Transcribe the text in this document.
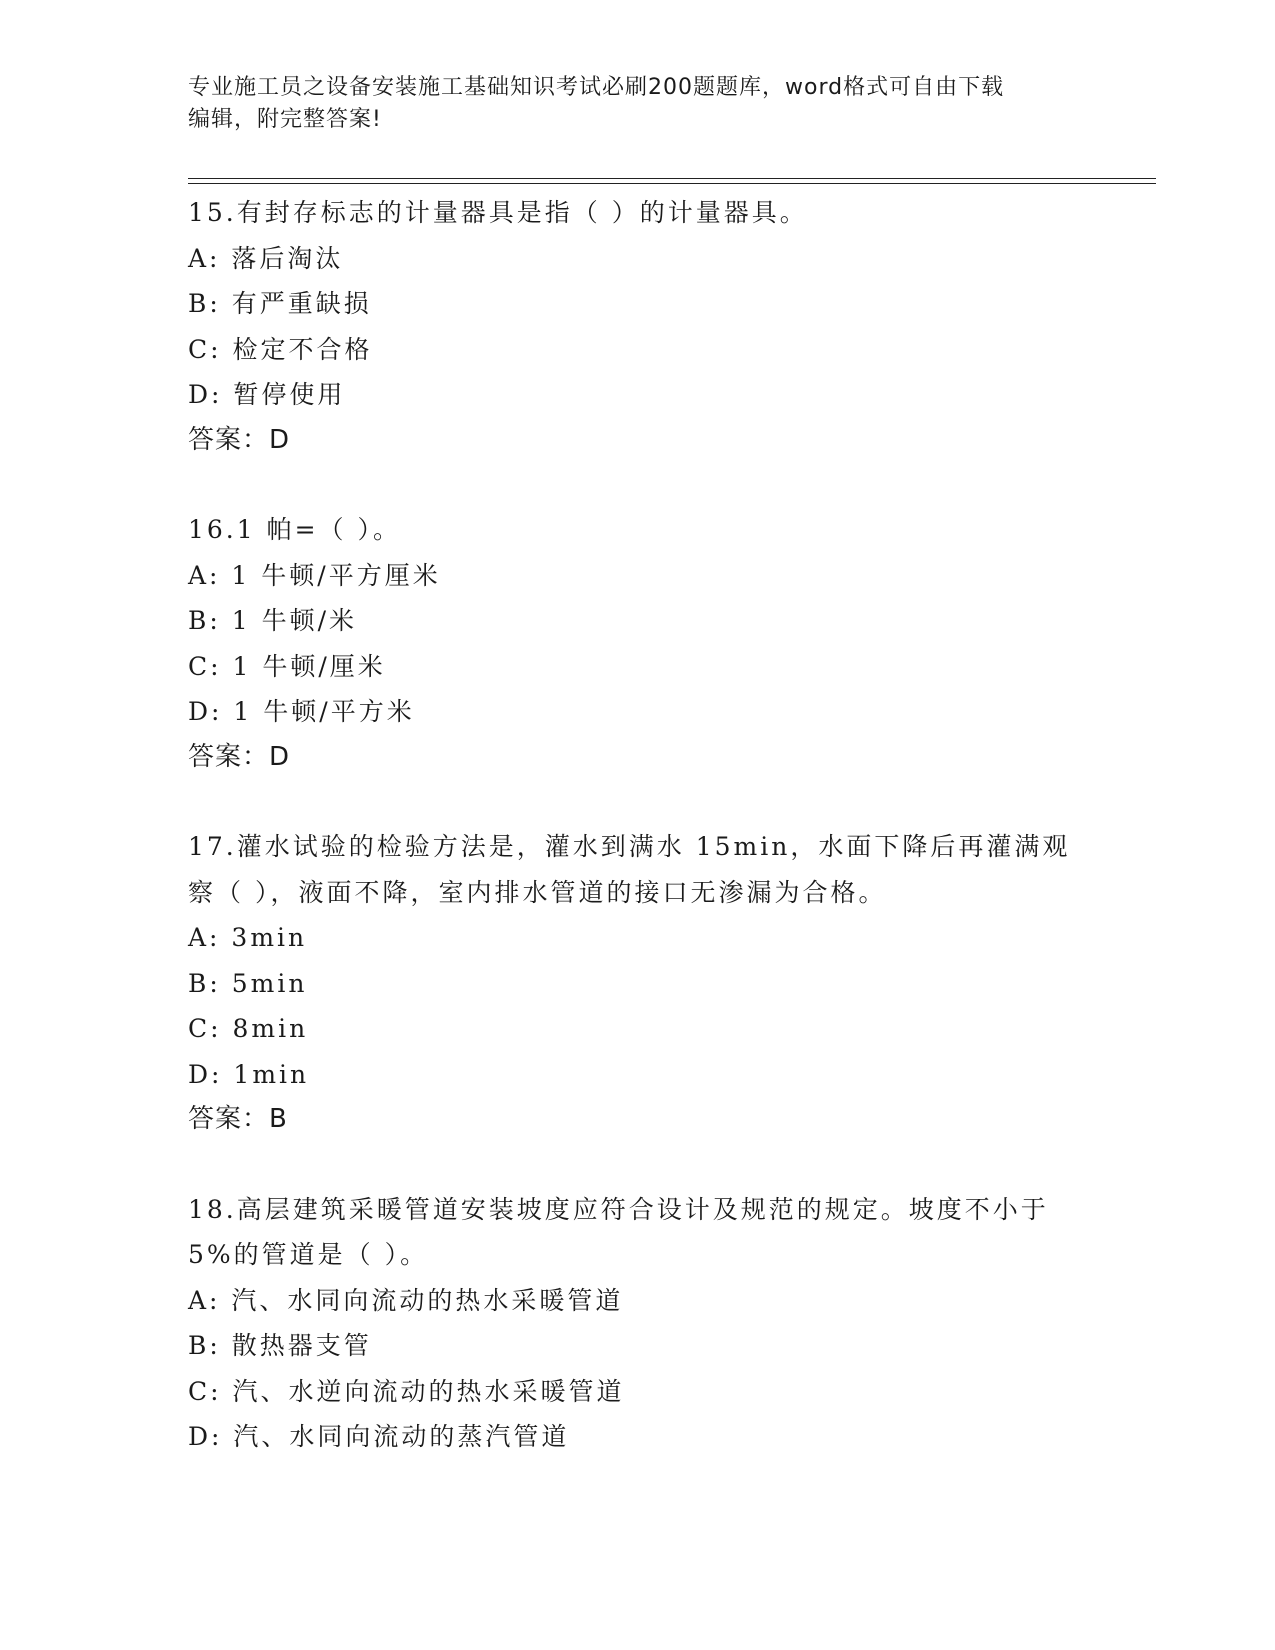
专业施工员之设备安装施工基础知识考试必刷200题题库，word格式可自由下载

编辑，附完整答案!

15.有封存标志的计量器具是指（ ）的计量器具。

A: 落后淘汰

B: 有严重缺损

C: 检定不合格

D: 暂停使用

答案：D

16.1 帕=（ ）。

A: 1 牛顿/平方厘米

B: 1 牛顿/米

C: 1 牛顿/厘米

D: 1 牛顿/平方米

答案：D

17.灌水试验的检验方法是，灌水到满水 15min，水面下降后再灌满观

察（ ），液面不降，室内排水管道的接口无渗漏为合格。

A: 3min

B: 5min

C: 8min

D: 1min

答案：B

18.高层建筑采暖管道安装坡度应符合设计及规范的规定。坡度不小于

5%的管道是（ ）。

A: 汽、水同向流动的热水采暖管道

B: 散热器支管

C: 汽、水逆向流动的热水采暖管道

D: 汽、水同向流动的蒸汽管道
